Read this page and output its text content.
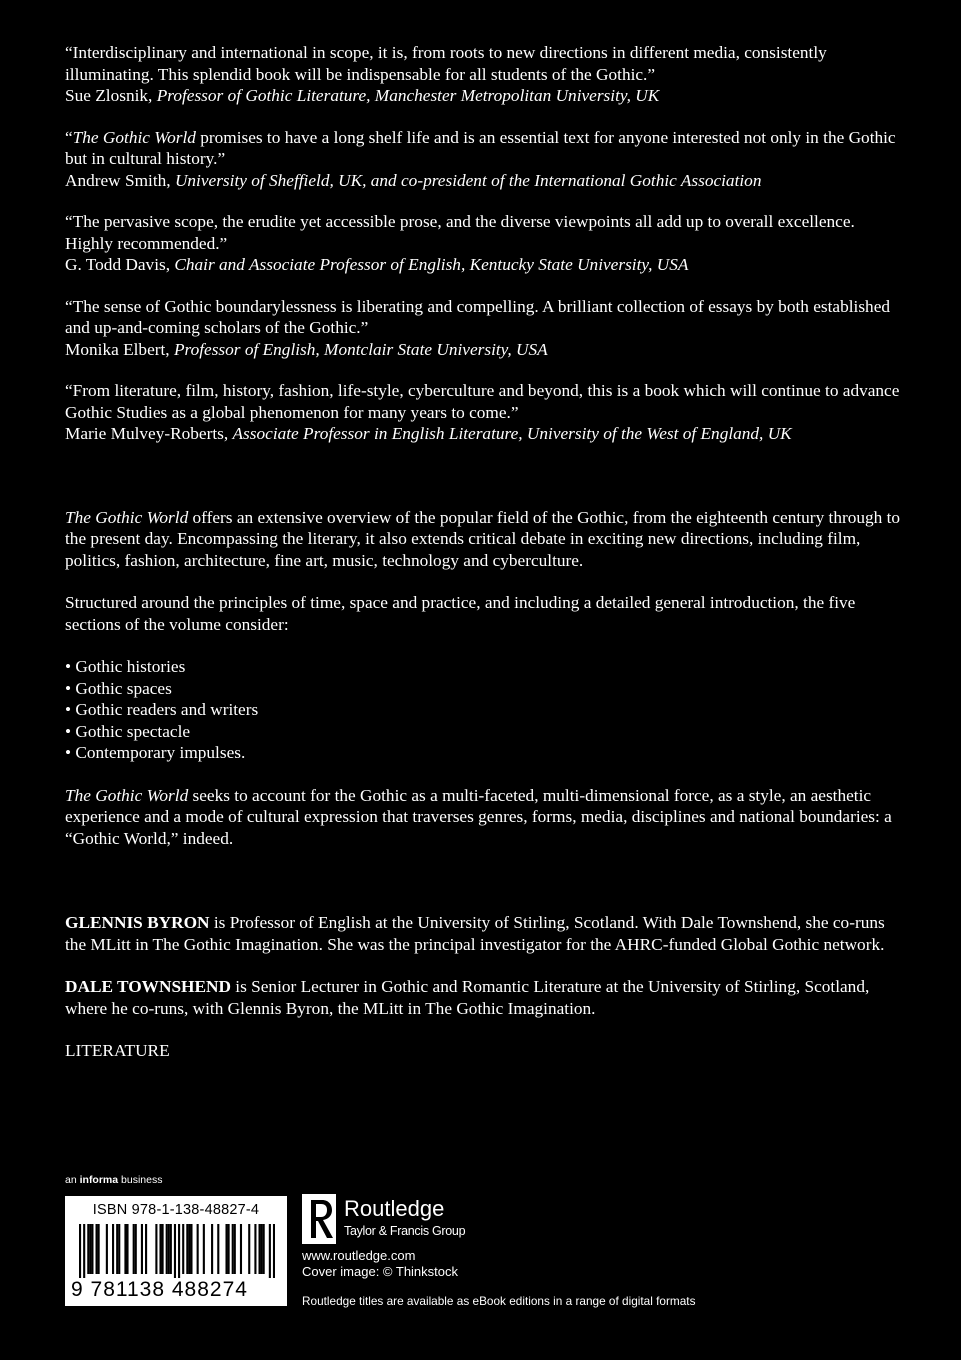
“Interdisciplinary and international in scope, it is, from roots to new directions in different media, consistently illuminating. This splendid book will be indispensable for all students of the Gothic.”
Sue Zlosnik, Professor of Gothic Literature, Manchester Metropolitan University, UK

“The Gothic World promises to have a long shelf life and is an essential text for anyone interested not only in the Gothic but in cultural history.”
Andrew Smith, University of Sheffield, UK, and co-president of the International Gothic Association

“The pervasive scope, the erudite yet accessible prose, and the diverse viewpoints all add up to overall excellence. Highly recommended.”
G. Todd Davis, Chair and Associate Professor of English, Kentucky State University, USA

“The sense of Gothic boundarylessness is liberating and compelling. A brilliant collection of essays by both established and up-and-coming scholars of the Gothic.”
Monika Elbert, Professor of English, Montclair State University, USA

“From literature, film, history, fashion, life-style, cyberculture and beyond, this is a book which will continue to advance Gothic Studies as a global phenomenon for many years to come.”
Marie Mulvey-Roberts, Associate Professor in English Literature, University of the West of England, UK

The Gothic World offers an extensive overview of the popular field of the Gothic, from the eighteenth century through to the present day. Encompassing the literary, it also extends critical debate in exciting new directions, including film, politics, fashion, architecture, fine art, music, technology and cyberculture.

Structured around the principles of time, space and practice, and including a detailed general introduction, the five sections of the volume consider:

• Gothic histories
• Gothic spaces
• Gothic readers and writers
• Gothic spectacle
• Contemporary impulses.

The Gothic World seeks to account for the Gothic as a multi-faceted, multi-dimensional force, as a style, an aesthetic experience and a mode of cultural expression that traverses genres, forms, media, disciplines and national boundaries: a “Gothic World,” indeed.

GLENNIS BYRON is Professor of English at the University of Stirling, Scotland. With Dale Townshend, she co-runs the MLitt in The Gothic Imagination. She was the principal investigator for the AHRC-funded Global Gothic network.

DALE TOWNSHEND is Senior Lecturer in Gothic and Romantic Literature at the University of Stirling, Scotland, where he co-runs, with Glennis Byron, the MLitt in The Gothic Imagination.

LITERATURE

an informa business
ISBN 978-1-138-48827-4
9 781138 488274
Routledge
Taylor & Francis Group
www.routledge.com
Cover image: © Thinkstock
Routledge titles are available as eBook editions in a range of digital formats
